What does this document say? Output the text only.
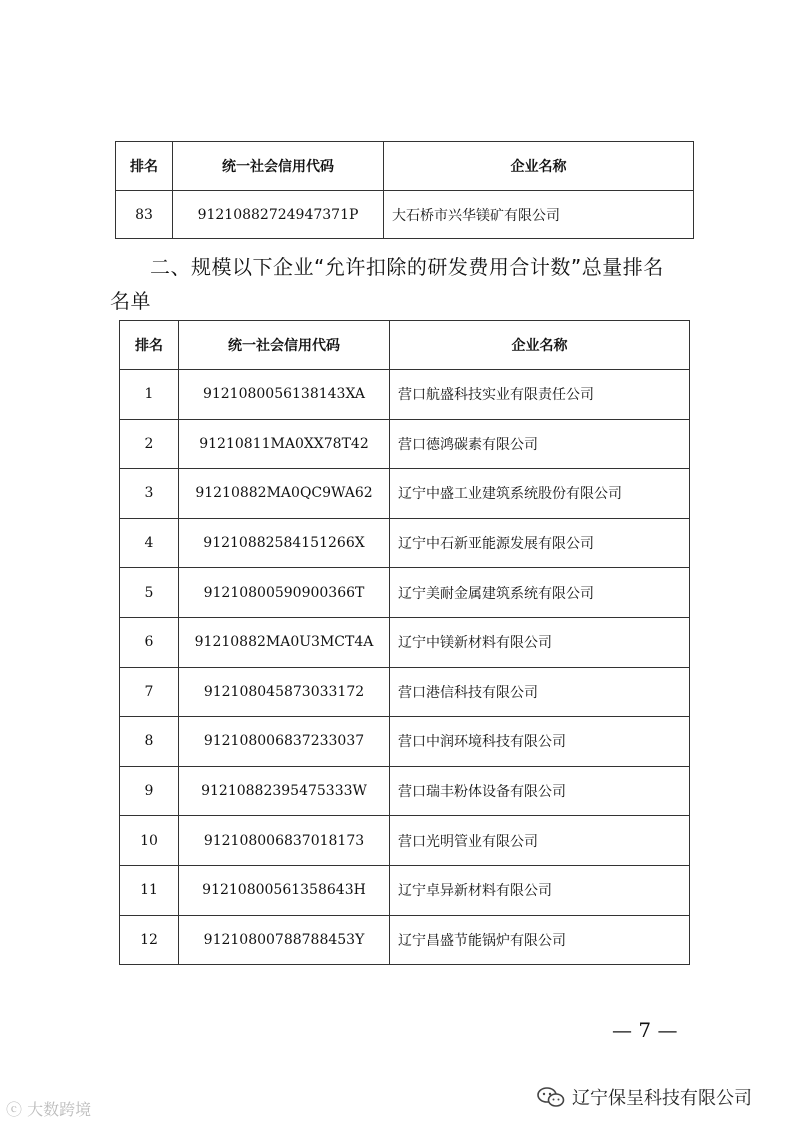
排名	统一社会信用代码	企业名称
83	91210882724947371P	大石桥市兴华镁矿有限公司

二、规模以下企业“允许扣除的研发费用合计数”总量排名

名单

排名	统一社会信用代码	企业名称
1	9121080056138143XA	营口航盛科技实业有限责任公司
2	91210811MA0XX78T42	营口德鸿碳素有限公司
3	91210882MA0QC9WA62	辽宁中盛工业建筑系统股份有限公司
4	91210882584151266X	辽宁中石新亚能源发展有限公司
5	91210800590900366T	辽宁美耐金属建筑系统有限公司
6	91210882MA0U3MCT4A	辽宁中镁新材料有限公司
7	912108045873033172	营口港信科技有限公司
8	912108006837233037	营口中润环境科技有限公司
9	91210882395475333W	营口瑞丰粉体设备有限公司
10	912108006837018173	营口光明管业有限公司
11	91210800561358643H	辽宁卓异新材料有限公司
12	91210800788788453Y	辽宁昌盛节能锅炉有限公司
— 7 —
ⓒ 大数跨境
辽宁保呈科技有限公司
